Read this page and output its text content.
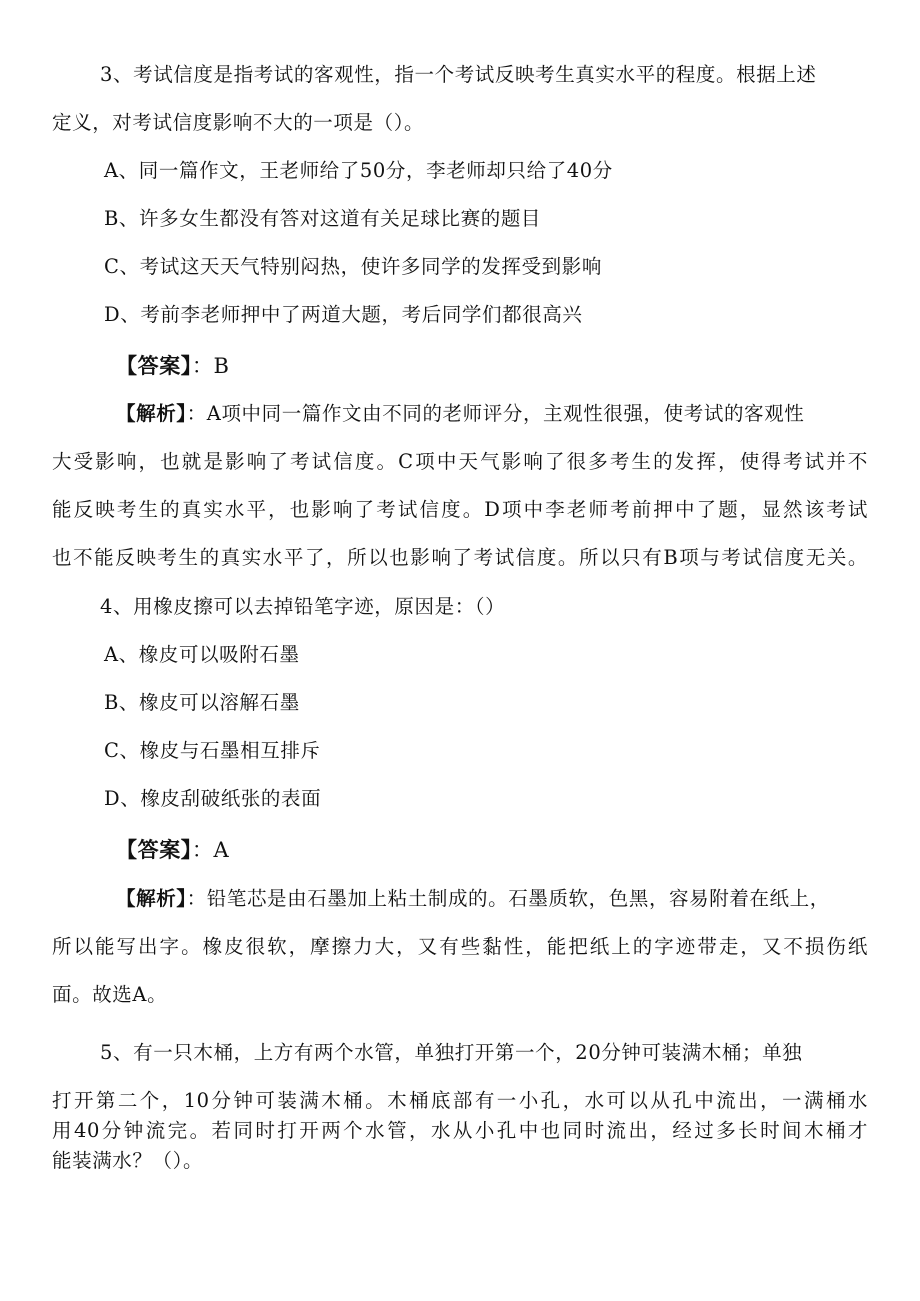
3、考试信度是指考试的客观性，指一个考试反映考生真实水平的程度。根据上述
定义，对考试信度影响不大的一项是（）。
A、同一篇作文，王老师给了50分，李老师却只给了40分
B、许多女生都没有答对这道有关足球比赛的题目
C、考试这天天气特别闷热，使许多同学的发挥受到影响
D、考前李老师押中了两道大题，考后同学们都很高兴
【答案】：B
【解析】：A项中同一篇作文由不同的老师评分，主观性很强，使考试的客观性
大受影响，也就是影响了考试信度。C项中天气影响了很多考生的发挥，使得考试并不
能反映考生的真实水平，也影响了考试信度。D项中李老师考前押中了题，显然该考试
也不能反映考生的真实水平了，所以也影响了考试信度。所以只有B项与考试信度无关。
4、用橡皮擦可以去掉铅笔字迹，原因是：（）
A、橡皮可以吸附石墨
B、橡皮可以溶解石墨
C、橡皮与石墨相互排斥
D、橡皮刮破纸张的表面
【答案】：A
【解析】：铅笔芯是由石墨加上粘土制成的。石墨质软，色黑，容易附着在纸上，
所以能写出字。橡皮很软，摩擦力大，又有些黏性，能把纸上的字迹带走，又不损伤纸
面。故选A。
5、有一只木桶，上方有两个水管，单独打开第一个，20分钟可装满木桶；单独
打开第二个，10分钟可装满木桶。木桶底部有一小孔，水可以从孔中流出，一满桶水
用40分钟流完。若同时打开两个水管，水从小孔中也同时流出，经过多长时间木桶才
能装满水？（）。
